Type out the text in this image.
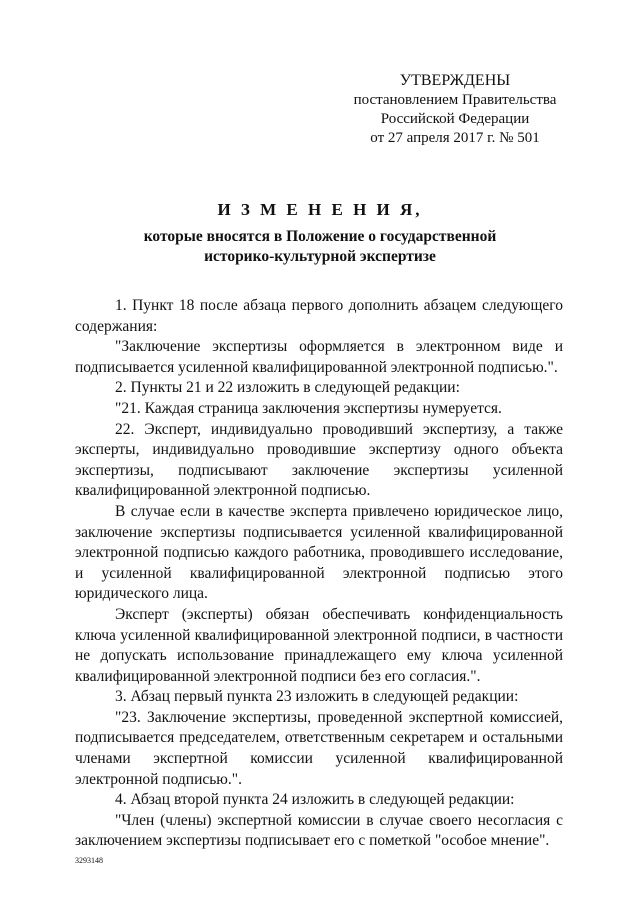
УТВЕРЖДЕНЫ
постановлением Правительства
Российской Федерации
от 27 апреля 2017 г. № 501
И З М Е Н Е Н И Я,
которые вносятся в Положение о государственной
историко-культурной экспертизе

1. Пункт 18 после абзаца первого дополнить абзацем следующего содержания:

"Заключение экспертизы оформляется в электронном виде и подписывается усиленной квалифицированной электронной подписью.".

2. Пункты 21 и 22 изложить в следующей редакции:

"21. Каждая страница заключения экспертизы нумеруется.

22. Эксперт, индивидуально проводивший экспертизу, а также эксперты, индивидуально проводившие экспертизу одного объекта экспертизы, подписывают заключение экспертизы усиленной квалифицированной электронной подписью.

В случае если в качестве эксперта привлечено юридическое лицо, заключение экспертизы подписывается усиленной квалифицированной электронной подписью каждого работника, проводившего исследование, и усиленной квалифицированной электронной подписью этого юридического лица.

Эксперт (эксперты) обязан обеспечивать конфиденциальность ключа усиленной квалифицированной электронной подписи, в частности не допускать использование принадлежащего ему ключа усиленной квалифицированной электронной подписи без его согласия.".

3. Абзац первый пункта 23 изложить в следующей редакции:

"23. Заключение экспертизы, проведенной экспертной комиссией, подписывается председателем, ответственным секретарем и остальными членами экспертной комиссии усиленной квалифицированной электронной подписью.".

4. Абзац второй пункта 24 изложить в следующей редакции:

"Член (члены) экспертной комиссии в случае своего несогласия с заключением экспертизы подписывает его с пометкой "особое мнение".

3293148
